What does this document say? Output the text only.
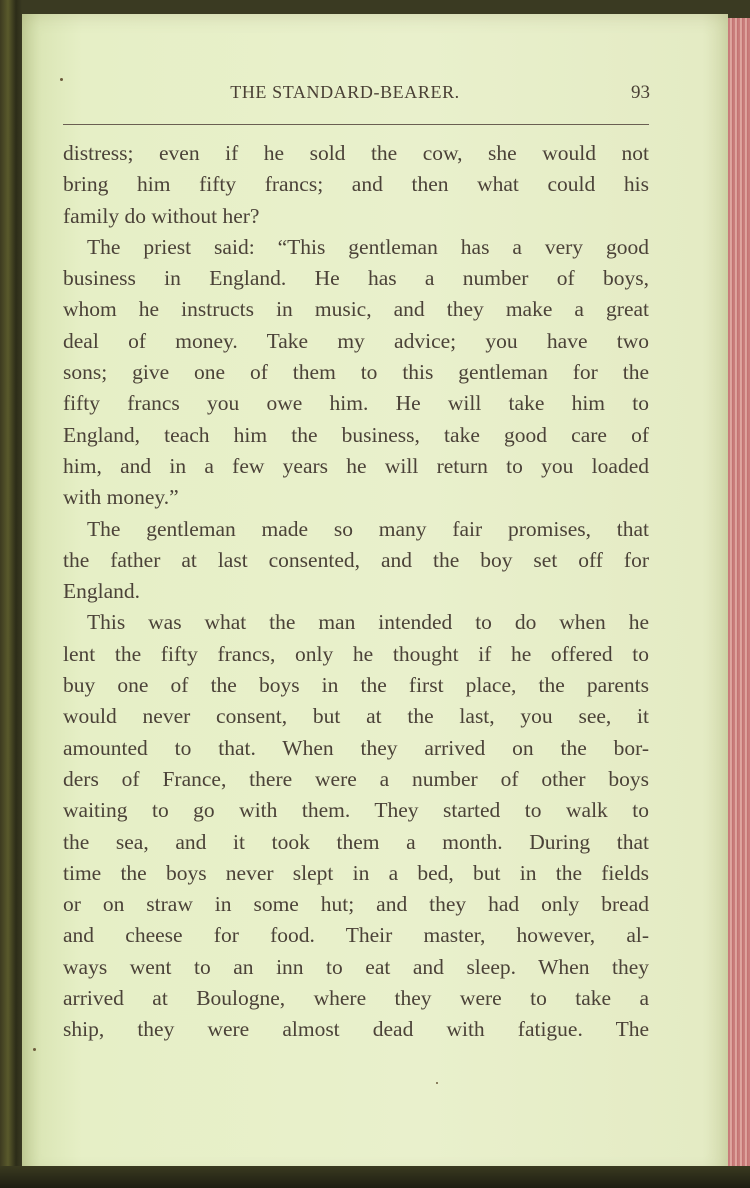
THE STANDARD-BEARER.	93
distress; even if he sold the cow, she would not
bring him fifty francs; and then what could his
family do without her?
The priest said: “This gentleman has a very good
business in England. He has a number of boys,
whom he instructs in music, and they make a great
deal of money. Take my advice; you have two
sons; give one of them to this gentleman for the
fifty francs you owe him. He will take him to
England, teach him the business, take good care of
him, and in a few years he will return to you loaded
with money.”
The gentleman made so many fair promises, that
the father at last consented, and the boy set off for
England.
This was what the man intended to do when he
lent the fifty francs, only he thought if he offered to
buy one of the boys in the first place, the parents
would never consent, but at the last, you see, it
amounted to that. When they arrived on the bor-
ders of France, there were a number of other boys
waiting to go with them. They started to walk to
the sea, and it took them a month. During that
time the boys never slept in a bed, but in the fields
or on straw in some hut; and they had only bread
and cheese for food. Their master, however, al-
ways went to an inn to eat and sleep. When they
arrived at Boulogne, where they were to take a
ship, they were almost dead with fatigue. The
